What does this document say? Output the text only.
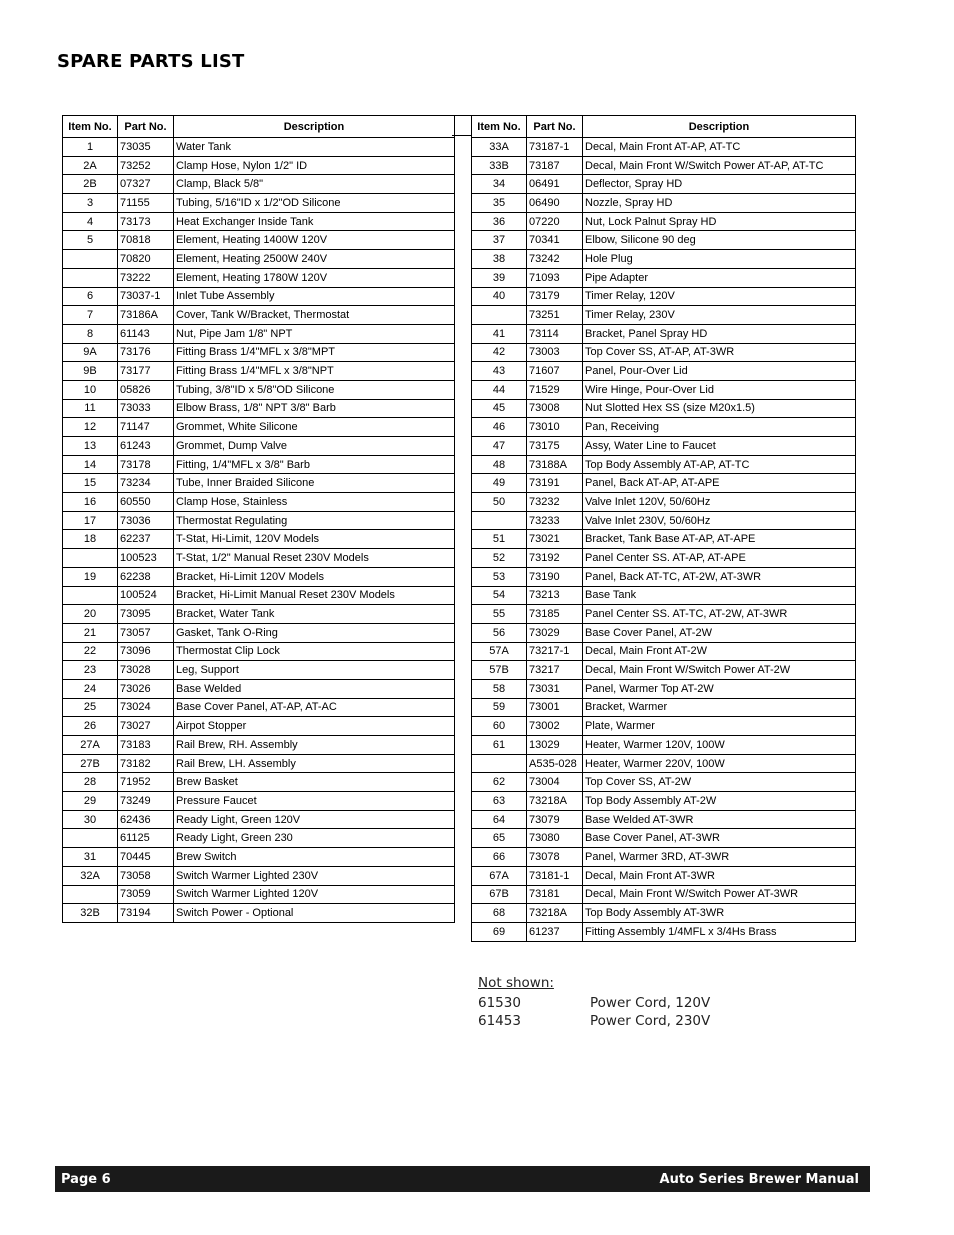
SPARE PARTS LIST
Item No.	Part No.	Description
1	73035	Water Tank
2A	73252	Clamp Hose, Nylon 1/2" ID
2B	07327	Clamp, Black 5/8"
3	71155	Tubing, 5/16"ID x 1/2"OD Silicone
4	73173	Heat Exchanger Inside Tank
5	70818	Element, Heating 1400W 120V
	70820	Element, Heating 2500W 240V
	73222	Element, Heating 1780W 120V
6	73037-1	Inlet Tube Assembly
7	73186A	Cover, Tank W/Bracket, Thermostat
8	61143	Nut, Pipe Jam 1/8" NPT
9A	73176	Fitting Brass 1/4"MFL x 3/8"MPT
9B	73177	Fitting Brass 1/4"MFL x 3/8"NPT
10	05826	Tubing, 3/8"ID x 5/8"OD Silicone
11	73033	Elbow Brass, 1/8" NPT 3/8" Barb
12	71147	Grommet, White Silicone
13	61243	Grommet, Dump Valve
14	73178	Fitting, 1/4"MFL x 3/8" Barb
15	73234	Tube, Inner Braided Silicone
16	60550	Clamp Hose, Stainless
17	73036	Thermostat Regulating
18	62237	T-Stat, Hi-Limit, 120V Models
	100523	T-Stat, 1/2" Manual Reset 230V Models
19	62238	Bracket, Hi-Limit 120V Models
	100524	Bracket, Hi-Limit Manual Reset 230V Models
20	73095	Bracket, Water Tank
21	73057	Gasket, Tank O-Ring
22	73096	Thermostat Clip Lock
23	73028	Leg, Support
24	73026	Base Welded
25	73024	Base Cover Panel, AT-AP, AT-AC
26	73027	Airpot Stopper
27A	73183	Rail Brew, RH. Assembly
27B	73182	Rail Brew, LH. Assembly
28	71952	Brew Basket
29	73249	Pressure Faucet
30	62436	Ready Light, Green 120V
	61125	Ready Light, Green 230
31	70445	Brew Switch
32A	73058	Switch Warmer Lighted 230V
	73059	Switch Warmer Lighted 120V
32B	73194	Switch Power - Optional
Item No.	Part No.	Description
33A	73187-1	Decal, Main Front AT-AP, AT-TC
33B	73187	Decal, Main Front W/Switch Power AT-AP, AT-TC
34	06491	Deflector, Spray HD
35	06490	Nozzle, Spray HD
36	07220	Nut, Lock Palnut Spray HD
37	70341	Elbow, Silicone 90 deg
38	73242	Hole Plug
39	71093	Pipe Adapter
40	73179	Timer Relay, 120V
	73251	Timer Relay, 230V
41	73114	Bracket, Panel Spray HD
42	73003	Top Cover SS, AT-AP, AT-3WR
43	71607	Panel, Pour-Over Lid
44	71529	Wire Hinge, Pour-Over Lid
45	73008	Nut Slotted Hex SS (size M20x1.5)
46	73010	Pan, Receiving
47	73175	Assy, Water Line to Faucet
48	73188A	Top Body Assembly AT-AP, AT-TC
49	73191	Panel, Back AT-AP, AT-APE
50	73232	Valve Inlet 120V, 50/60Hz
	73233	Valve Inlet 230V, 50/60Hz
51	73021	Bracket, Tank Base AT-AP, AT-APE
52	73192	Panel Center SS. AT-AP, AT-APE
53	73190	Panel, Back AT-TC, AT-2W, AT-3WR
54	73213	Base Tank
55	73185	Panel Center SS. AT-TC, AT-2W, AT-3WR
56	73029	Base Cover Panel, AT-2W
57A	73217-1	Decal, Main Front AT-2W
57B	73217	Decal, Main Front W/Switch Power AT-2W
58	73031	Panel, Warmer Top AT-2W
59	73001	Bracket, Warmer
60	73002	Plate, Warmer
61	13029	Heater, Warmer 120V, 100W
	A535-028	Heater, Warmer 220V, 100W
62	73004	Top Cover SS, AT-2W
63	73218A	Top Body Assembly AT-2W
64	73079	Base Welded AT-3WR
65	73080	Base Cover Panel, AT-3WR
66	73078	Panel, Warmer 3RD, AT-3WR
67A	73181-1	Decal, Main Front AT-3WR
67B	73181	Decal, Main Front W/Switch Power AT-3WR
68	73218A	Top Body Assembly AT-3WR
69	61237	Fitting Assembly 1/4MFL x 3/4Hs Brass
Not shown:
61530	Power Cord, 120V
61453	Power Cord, 230V
Page 6	Auto Series Brewer Manual
